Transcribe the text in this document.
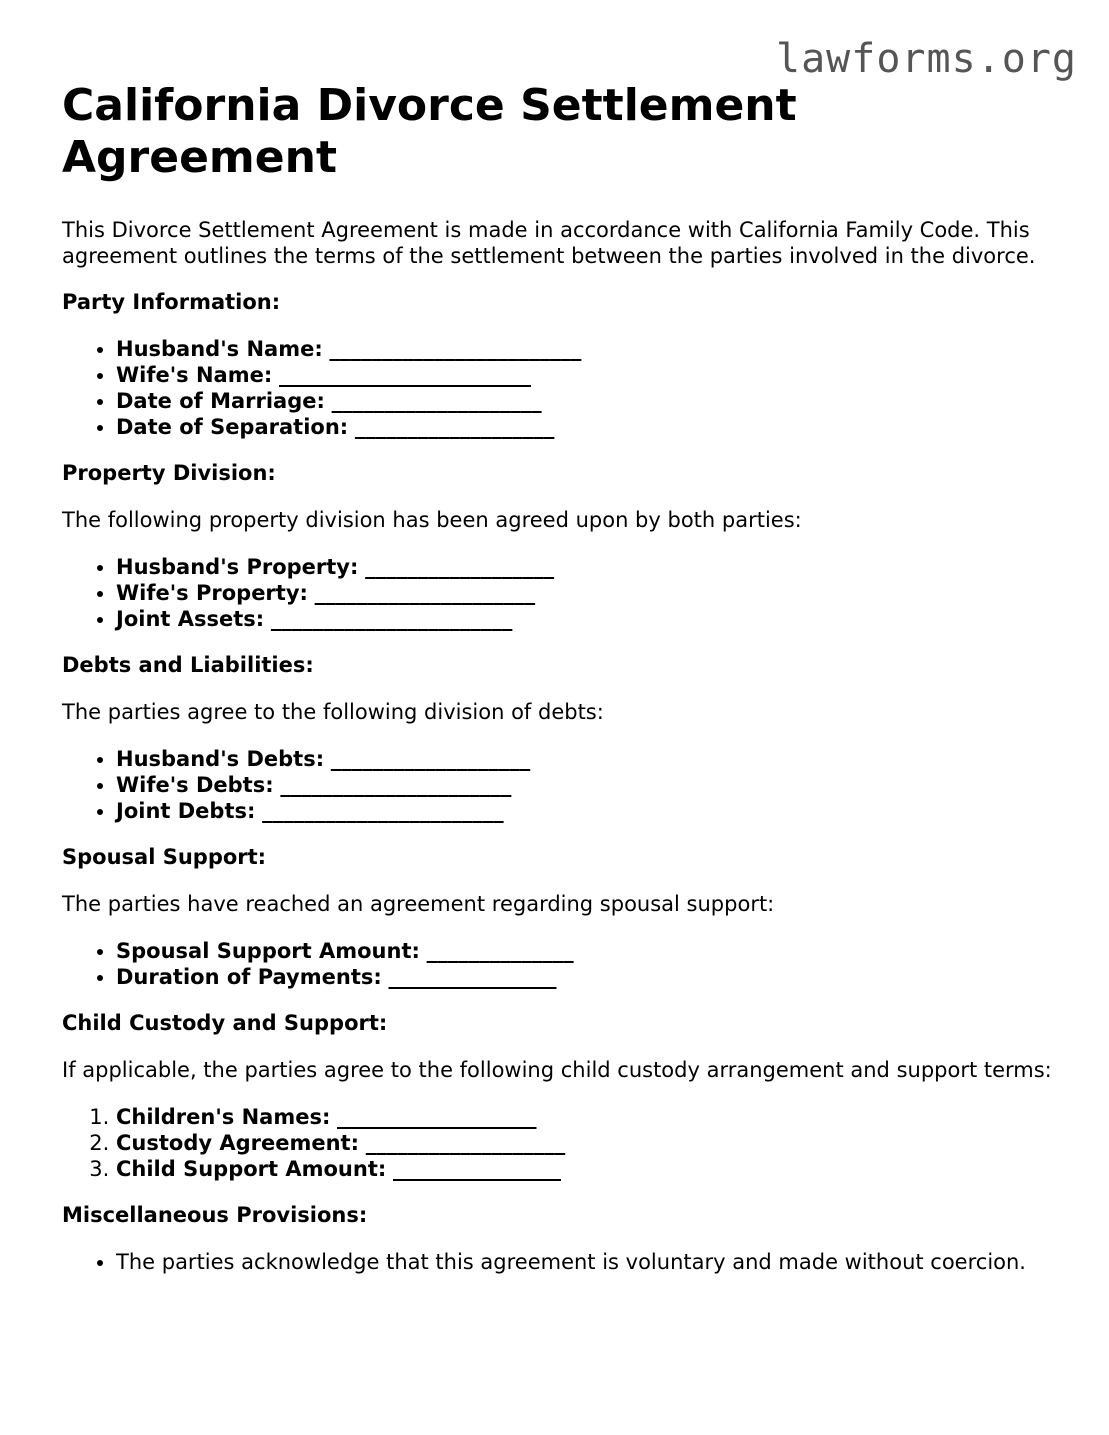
lawforms.org
California Divorce Settlement Agreement

This Divorce Settlement Agreement is made in accordance with California Family Code. This agreement outlines the terms of the settlement between the parties involved in the divorce.

Party Information:
• Husband's Name: ________________________
• Wife's Name: ________________________
• Date of Marriage: ____________________
• Date of Separation: ___________________
Property Division:

The following property division has been agreed upon by both parties:

• Husband's Property: __________________
• Wife's Property: _____________________
• Joint Assets: _______________________
Debts and Liabilities:

The parties agree to the following division of debts:

• Husband's Debts: ___________________
• Wife's Debts: ______________________
• Joint Debts: _______________________
Spousal Support:

The parties have reached an agreement regarding spousal support:

• Spousal Support Amount: ______________
• Duration of Payments: ________________
Child Custody and Support:

If applicable, the parties agree to the following child custody arrangement and support terms:

1. Children's Names: ___________________
2. Custody Agreement: ___________________
3. Child Support Amount: ________________
Miscellaneous Provisions:
• The parties acknowledge that this agreement is voluntary and made without coercion.
